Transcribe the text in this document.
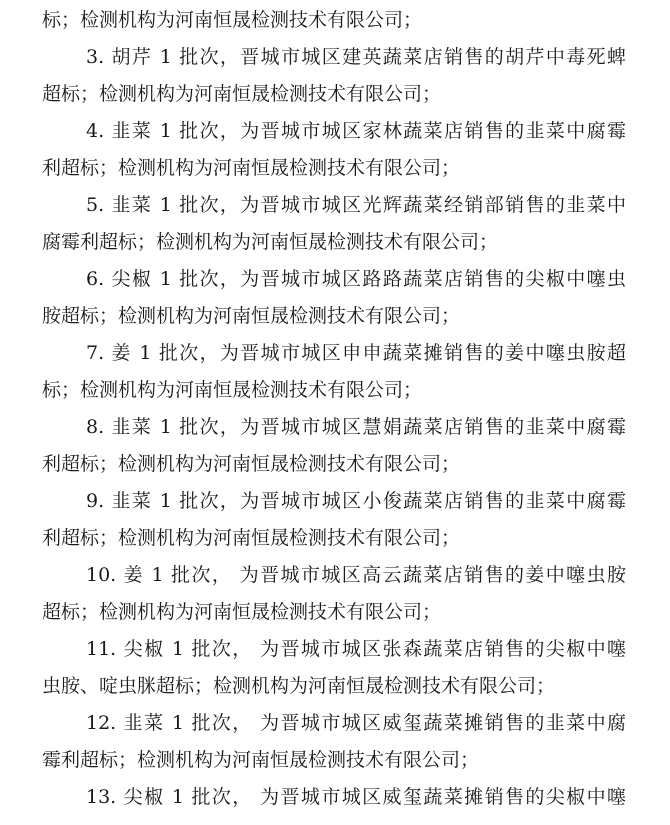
标；检测机构为河南恒晟检测技术有限公司；
3. 胡芹 1 批次，晋城市城区建英蔬菜店销售的胡芹中毒死蜱
超标；检测机构为河南恒晟检测技术有限公司；
4. 韭菜 1 批次，为晋城市城区家林蔬菜店销售的韭菜中腐霉
利超标；检测机构为河南恒晟检测技术有限公司；
5. 韭菜 1 批次，为晋城市城区光辉蔬菜经销部销售的韭菜中
腐霉利超标；检测机构为河南恒晟检测技术有限公司；
6. 尖椒 1 批次，为晋城市城区路路蔬菜店销售的尖椒中噻虫
胺超标；检测机构为河南恒晟检测技术有限公司；
7. 姜 1 批次，为晋城市城区申申蔬菜摊销售的姜中噻虫胺超
标；检测机构为河南恒晟检测技术有限公司；
8. 韭菜 1 批次，为晋城市城区慧娟蔬菜店销售的韭菜中腐霉
利超标；检测机构为河南恒晟检测技术有限公司；
9. 韭菜 1 批次，为晋城市城区小俊蔬菜店销售的韭菜中腐霉
利超标；检测机构为河南恒晟检测技术有限公司；
10. 姜 1 批次， 为晋城市城区高云蔬菜店销售的姜中噻虫胺
超标；检测机构为河南恒晟检测技术有限公司；
11. 尖椒 1 批次， 为晋城市城区张森蔬菜店销售的尖椒中噻
虫胺、啶虫脒超标；检测机构为河南恒晟检测技术有限公司；
12. 韭菜 1 批次， 为晋城市城区威玺蔬菜摊销售的韭菜中腐
霉利超标；检测机构为河南恒晟检测技术有限公司；
13. 尖椒 1 批次， 为晋城市城区威玺蔬菜摊销售的尖椒中噻
